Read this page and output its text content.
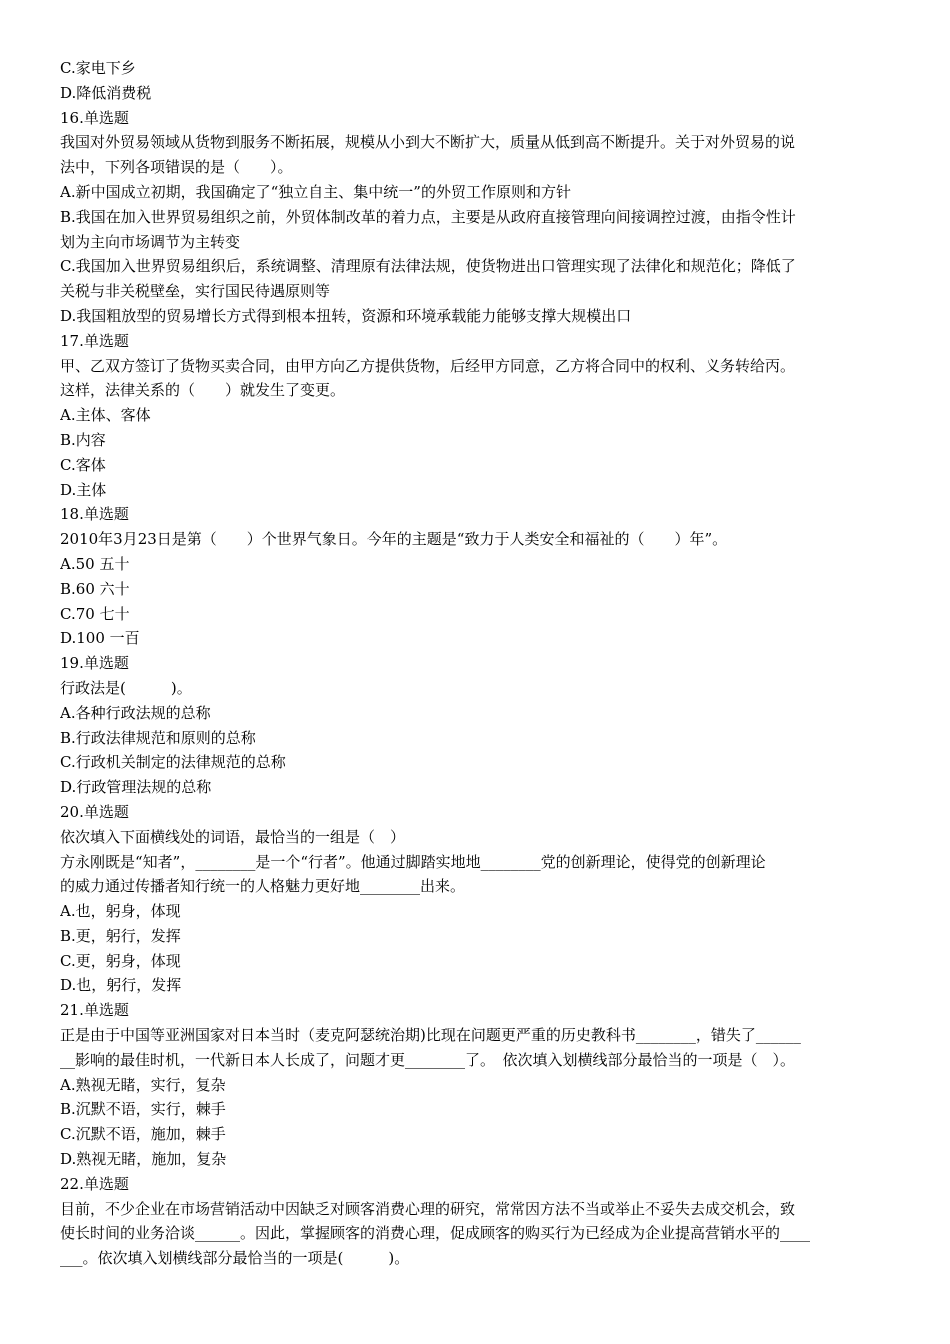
C.家电下乡
D.降低消费税
16.单选题
我国对外贸易领域从货物到服务不断拓展，规模从小到大不断扩大，质量从低到高不断提升。关于对外贸易的说
法中，下列各项错误的是（　　）。
A.新中国成立初期，我国确定了“独立自主、集中统一”的外贸工作原则和方针
B.我国在加入世界贸易组织之前，外贸体制改革的着力点，主要是从政府直接管理向间接调控过渡，由指令性计
划为主向市场调节为主转变
C.我国加入世界贸易组织后，系统调整、清理原有法律法规，使货物进出口管理实现了法律化和规范化；降低了
关税与非关税壁垒，实行国民待遇原则等
D.我国粗放型的贸易增长方式得到根本扭转，资源和环境承载能力能够支撑大规模出口
17.单选题
甲、乙双方签订了货物买卖合同，由甲方向乙方提供货物，后经甲方同意，乙方将合同中的权利、义务转给丙。
这样，法律关系的（　　）就发生了变更。
A.主体、客体
B.内容
C.客体
D.主体
18.单选题
2010年3月23日是第（　　）个世界气象日。今年的主题是“致力于人类安全和福祉的（　　）年”。
A.50 五十
B.60 六十
C.70 七十
D.100 一百
19.单选题
行政法是(　　　)。
A.各种行政法规的总称
B.行政法律规范和原则的总称
C.行政机关制定的法律规范的总称
D.行政管理法规的总称
20.单选题
依次填入下面横线处的词语，最恰当的一组是（　）
方永刚既是“知者”，________是一个“行者”。他通过脚踏实地地________党的创新理论，使得党的创新理论
的威力通过传播者知行统一的人格魅力更好地________出来。
A.也，躬身，体现
B.更，躬行，发挥
C.更，躬身，体现
D.也，躬行，发挥
21.单选题
正是由于中国等亚洲国家对日本当时（麦克阿瑟统治期)比现在问题更严重的历史教科书________，错失了______
__影响的最佳时机，一代新日本人长成了，问题才更________了。　依次填入划横线部分最恰当的一项是（　）。
A.熟视无睹，实行，复杂
B.沉默不语，实行，棘手
C.沉默不语，施加，棘手
D.熟视无睹，施加，复杂
22.单选题
目前，不少企业在市场营销活动中因缺乏对顾客消费心理的研究，常常因方法不当或举止不妥失去成交机会，致
使长时间的业务洽谈______。因此，掌握顾客的消费心理，促成顾客的购买行为已经成为企业提高营销水平的____
___。依次填入划横线部分最恰当的一项是(　　　)。
